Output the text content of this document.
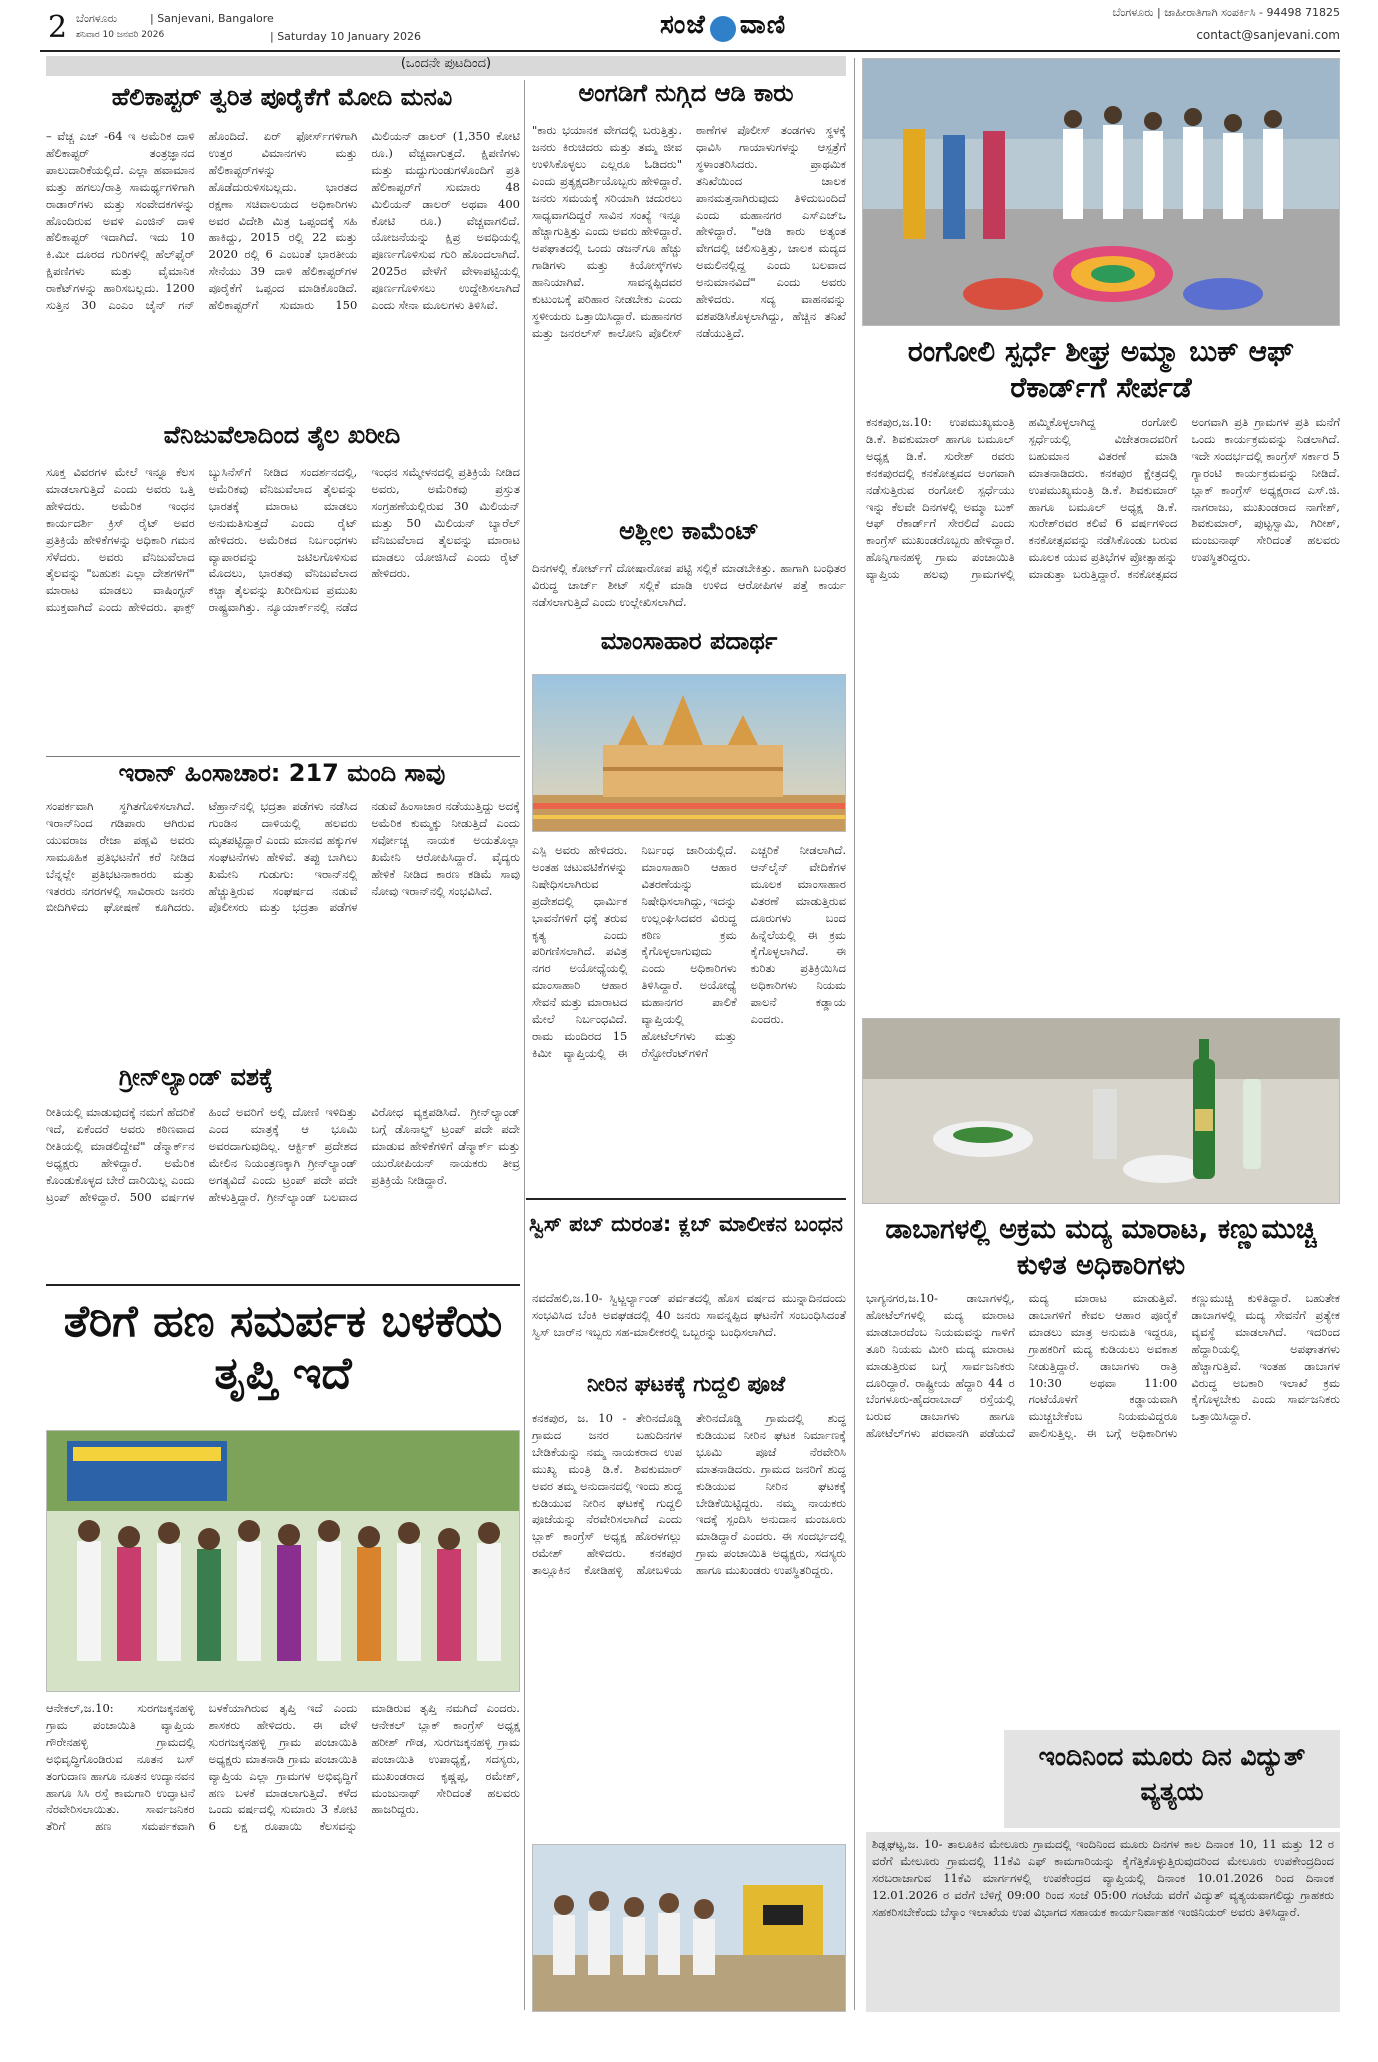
2 ಬೆಂಗಳೂರು	| Sanjevani, Bangalore
ಶನಿವಾರ 10 ಜನವರಿ 2026	| Saturday 10 January 2026	ಸಂಜೆ ವಾಣಿ	ಬೆಂಗಳೂರು | ಜಾಹೀರಾತಿಗಾಗಿ ಸಂಪರ್ಕಿಸಿ - 94498 71825
contact@sanjevani.com
(ಒಂದನೇ ಪುಟದಿಂದ)
ಹೆಲಿಕಾಪ್ಟರ್ ತ್ವರಿತ ಪೂರೈಕೆಗೆ ಮೋದಿ ಮನವಿ
– ವೆಚ್ಚ ಎಚ್ -64 ಇ ಅಮೆರಿಕ ದಾಳಿ ಹೆಲಿಕಾಪ್ಟರ್ ತಂತ್ರಜ್ಞಾನದ ಪಾಲುದಾರಿಕೆಯಲ್ಲಿದೆ. ಎಲ್ಲಾ ಹವಾಮಾನ ಮತ್ತು ಹಗಲು/ರಾತ್ರಿ ಸಾಮರ್ಥ್ಯಗಳಿಗಾಗಿ ರಾಡಾರ್‌ಗಳು ಮತ್ತು ಸಂವೇದಕಗಳನ್ನು ಹೊಂದಿರುವ ಅವಳಿ ಎಂಜಿನ್ ದಾಳಿ ಹೆಲಿಕಾಪ್ಟರ್ ಇದಾಗಿದೆ. ಇದು 10 ಕಿ.ಮೀ ದೂರದ ಗುರಿಗಳಲ್ಲಿ ಹೆಲ್‌ಫೈರ್ ಕ್ಷಿಪಣಿಗಳು ಮತ್ತು ವೈಮಾನಿಕ ರಾಕೆಟ್‌ಗಳನ್ನು ಹಾರಿಸಬಲ್ಲದು. 1200 ಸುತ್ತಿನ 30 ಎಂಎಂ ಚೈನ್ ಗನ್ ಹೊಂದಿದೆ. ಏರ್ ಫೋರ್ಸ್‌ಗಳಿಗಾಗಿ ಉತ್ತರ ವಿಮಾನಗಳು ಮತ್ತು ಹೆಲಿಕಾಪ್ಟರ್‌ಗಳನ್ನು ಹೊಡೆದುರುಳಿಸಬಲ್ಲದು. ಭಾರತದ ರಕ್ಷಣಾ ಸಚಿವಾಲಯದ ಅಧಿಕಾರಿಗಳು ಅವರ ವಿದೇಶಿ ಮಿತ್ರ ಒಪ್ಪಂದಕ್ಕೆ ಸಹಿ ಹಾಕಿದ್ದು, 2015 ರಲ್ಲಿ 22 ಮತ್ತು 2020 ರಲ್ಲಿ 6 ಎಂಬಂತೆ ಭಾರತೀಯ ಸೇನೆಯು 39 ದಾಳಿ ಹೆಲಿಕಾಪ್ಟರ್‌ಗಳ ಪೂರೈಕೆಗೆ ಒಪ್ಪಂದ ಮಾಡಿಕೊಂಡಿದೆ. ಹೆಲಿಕಾಪ್ಟರ್‌ಗೆ ಸುಮಾರು 150 ಮಿಲಿಯನ್ ಡಾಲರ್ (1,350 ಕೋಟಿ ರೂ.) ವೆಚ್ಚವಾಗುತ್ತದೆ. ಕ್ಷಿಪಣಿಗಳು ಮತ್ತು ಮದ್ದುಗುಂಡುಗಳೊಂದಿಗೆ ಪ್ರತಿ ಹೆಲಿಕಾಪ್ಟರ್‌ಗೆ ಸುಮಾರು 48 ಮಿಲಿಯನ್ ಡಾಲರ್ ಅಥವಾ 400 ಕೋಟಿ ರೂ.) ವೆಚ್ಚವಾಗಲಿದೆ. ಯೋಜನೆಯನ್ನು ಕ್ಷಿಪ್ರ ಅವಧಿಯಲ್ಲಿ ಪೂರ್ಣಗೊಳಿಸುವ ಗುರಿ ಹೊಂದಲಾಗಿದೆ. 2025ರ ವೇಳೆಗೆ ವೇಳಾಪಟ್ಟಿಯಲ್ಲಿ ಪೂರ್ಣಗೊಳಿಸಲು ಉದ್ದೇಶಿಸಲಾಗಿದೆ ಎಂದು ಸೇನಾ ಮೂಲಗಳು ತಿಳಿಸಿವೆ.
ವೆನಿಜುವೆಲಾದಿಂದ ತೈಲ ಖರೀದಿ
ಸೂಕ್ತ ವಿವರಗಳ ಮೇಲೆ ಇನ್ನೂ ಕೆಲಸ ಮಾಡಲಾಗುತ್ತಿದೆ ಎಂದು ಅವರು ಒತ್ತಿ ಹೇಳಿದರು. ಅಮೆರಿಕ ಇಂಧನ ಕಾರ್ಯದರ್ಶಿ ಕ್ರಿಸ್ ರೈಟ್ ಅವರ ಪ್ರತಿಕ್ರಿಯೆ ಹೇಳಿಕೆಗಳನ್ನು ಅಧಿಕಾರಿ ಗಮನ ಸೆಳೆದರು. ಅವರು ವೆನಿಜುವೆಲಾದ ತೈಲವನ್ನು "ಬಹುಶಃ ಎಲ್ಲಾ ದೇಶಗಳಿಗೆ" ಮಾರಾಟ ಮಾಡಲು ವಾಷಿಂಗ್ಟನ್ ಮುಕ್ತವಾಗಿದೆ ಎಂದು ಹೇಳಿದರು. ಫಾಕ್ಸ್ ಬ್ಯುಸಿನೆಸ್‌ಗೆ ನೀಡಿದ ಸಂದರ್ಶನದಲ್ಲಿ, ಅಮೆರಿಕವು ವೆನಿಜುವೆಲಾದ ತೈಲವನ್ನು ಭಾರತಕ್ಕೆ ಮಾರಾಟ ಮಾಡಲು ಅನುಮತಿಸುತ್ತದೆ ಎಂದು ರೈಟ್ ಹೇಳಿದರು. ಅಮೆರಿಕದ ನಿರ್ಬಂಧಗಳು ವ್ಯಾಪಾರವನ್ನು ಜಟಿಲಗೊಳಿಸುವ ಮೊದಲು, ಭಾರತವು ವೆನಿಜುವೆಲಾದ ಕಚ್ಚಾ ತೈಲವನ್ನು ಖರೀದಿಸುವ ಪ್ರಮುಖ ರಾಷ್ಟ್ರವಾಗಿತ್ತು. ನ್ಯೂಯಾರ್ಕ್‌ನಲ್ಲಿ ನಡೆದ ಇಂಧನ ಸಮ್ಮೇಳನದಲ್ಲಿ ಪ್ರತಿಕ್ರಿಯೆ ನೀಡಿದ ಅವರು, ಅಮೆರಿಕವು ಪ್ರಸ್ತುತ ಸಂಗ್ರಹಣೆಯಲ್ಲಿರುವ 30 ಮಿಲಿಯನ್ ಮತ್ತು 50 ಮಿಲಿಯನ್ ಬ್ಯಾರೆಲ್ ವೆನಿಜುವೆಲಾದ ತೈಲವನ್ನು ಮಾರಾಟ ಮಾಡಲು ಯೋಜಿಸಿದೆ ಎಂದು ರೈಟ್ ಹೇಳಿದರು.
ಇರಾನ್ ಹಿಂಸಾಚಾರ: 217 ಮಂದಿ ಸಾವು
ಸಂಪರ್ಕವಾಗಿ ಸ್ಥಗಿತಗೊಳಿಸಲಾಗಿದೆ. ಇರಾನ್‌ನಿಂದ ಗಡಿಪಾರು ಆಗಿರುವ ಯುವರಾಜ ರೇಜಾ ಪಹ್ಲವಿ ಅವರು ಸಾಮೂಹಿಕ ಪ್ರತಿಭಟನೆಗೆ ಕರೆ ನೀಡಿದ ಬೆನ್ನಲ್ಲೇ ಪ್ರತಿಭಟನಾಕಾರರು ಮತ್ತು ಇತರರು ನಗರಗಳಲ್ಲಿ ಸಾವಿರಾರು ಜನರು ಬೀದಿಗಿಳಿದು ಘೋಷಣೆ ಕೂಗಿದರು. ಟೆಹ್ರಾನ್‌ನಲ್ಲಿ ಭದ್ರತಾ ಪಡೆಗಳು ನಡೆಸಿದ ಗುಂಡಿನ ದಾಳಿಯಲ್ಲಿ ಹಲವರು ಮೃತಪಟ್ಟಿದ್ದಾರೆ ಎಂದು ಮಾನವ ಹಕ್ಕುಗಳ ಸಂಘಟನೆಗಳು ಹೇಳಿವೆ. ತಪ್ಪು ಬಾಗಿಲು ಖಮೇನಿ ಗುಡುಗು: ಇರಾನ್‌ನಲ್ಲಿ ಹೆಚ್ಚುತ್ತಿರುವ ಸಂಘರ್ಷದ ನಡುವೆ ಪೊಲೀಸರು ಮತ್ತು ಭದ್ರತಾ ಪಡೆಗಳ ನಡುವೆ ಹಿಂಸಾಚಾರ ನಡೆಯುತ್ತಿದ್ದು ಅದಕ್ಕೆ ಅಮೆರಿಕ ಕುಮ್ಮಕ್ಕು ನೀಡುತ್ತಿದೆ ಎಂದು ಸರ್ವೋಚ್ಚ ನಾಯಕ ಅಯತೊಲ್ಲಾ ಖಮೇನಿ ಆರೋಪಿಸಿದ್ದಾರೆ. ವೈದ್ಯರು ಹೇಳಿಕೆ ನೀಡಿದ ಕಾರಣ ಕಡಿಮೆ ಸಾವು ನೋವು ಇರಾನ್‌ನಲ್ಲಿ ಸಂಭವಿಸಿದೆ.
ಗ್ರೀನ್‌ಲ್ಯಾಂಡ್ ವಶಕ್ಕೆ
ರೀತಿಯಲ್ಲಿ ಮಾಡುವುದಕ್ಕೆ ನಮಗೆ ಹೆದರಿಕೆ ಇದೆ, ಏಕೆಂದರೆ ಅವರು ಕಠಿಣವಾದ ರೀತಿಯಲ್ಲಿ ಮಾಡಲಿದ್ದೇವೆ" ಡೆನ್ಮಾರ್ಕ್‌ನ ಅಧ್ಯಕ್ಷರು ಹೇಳಿದ್ದಾರೆ. ಅಮೆರಿಕ ಕೊಂಡುಕೊಳ್ಳದ ಬೇರೆ ದಾರಿಯಿಲ್ಲ ಎಂದು ಟ್ರಂಪ್ ಹೇಳಿದ್ದಾರೆ. 500 ವರ್ಷಗಳ ಹಿಂದೆ ಅವರಿಗೆ ಅಲ್ಲಿ ದೋಣಿ ಇಳಿದಿತ್ತು ಎಂದ ಮಾತ್ರಕ್ಕೆ ಆ ಭೂಮಿ ಅವರದಾಗುವುದಿಲ್ಲ. ಆರ್ಕ್ಟಿಕ್ ಪ್ರದೇಶದ ಮೇಲಿನ ನಿಯಂತ್ರಣಕ್ಕಾಗಿ ಗ್ರೀನ್‌ಲ್ಯಾಂಡ್ ಅಗತ್ಯವಿದೆ ಎಂದು ಟ್ರಂಪ್ ಪದೇ ಪದೇ ಹೇಳುತ್ತಿದ್ದಾರೆ. ಗ್ರೀನ್‌ಲ್ಯಾಂಡ್ ಬಲವಾದ ವಿರೋಧ ವ್ಯಕ್ತಪಡಿಸಿದೆ. ಗ್ರೀನ್‌ಲ್ಯಾಂಡ್ ಬಗ್ಗೆ ಡೊನಾಲ್ಡ್ ಟ್ರಂಪ್ ಪದೇ ಪದೇ ಮಾಡುವ ಹೇಳಿಕೆಗಳಿಗೆ ಡೆನ್ಮಾರ್ಕ್ ಮತ್ತು ಯುರೋಪಿಯನ್ ನಾಯಕರು ತೀವ್ರ ಪ್ರತಿಕ್ರಿಯೆ ನೀಡಿದ್ದಾರೆ.
ಅಂಗಡಿಗೆ ನುಗ್ಗಿದ ಆಡಿ ಕಾರು
"ಕಾರು ಭಯಾನಕ ವೇಗದಲ್ಲಿ ಬರುತ್ತಿತ್ತು. ಜನರು ಕಿರುಚಿದರು ಮತ್ತು ತಮ್ಮ ಜೀವ ಉಳಿಸಿಕೊಳ್ಳಲು ಎಲ್ಲರೂ ಓಡಿದರು" ಎಂದು ಪ್ರತ್ಯಕ್ಷದರ್ಶಿಯೊಬ್ಬರು ಹೇಳಿದ್ದಾರೆ. ಜನರು ಸಮಯಕ್ಕೆ ಸರಿಯಾಗಿ ಚದುರಲು ಸಾಧ್ಯವಾಗದಿದ್ದರೆ ಸಾವಿನ ಸಂಖ್ಯೆ ಇನ್ನೂ ಹೆಚ್ಚಾಗುತ್ತಿತ್ತು ಎಂದು ಅವರು ಹೇಳಿದ್ದಾರೆ. ಅಪಘಾತದಲ್ಲಿ ಒಂದು ಡಜನ್‌ಗೂ ಹೆಚ್ಚು ಗಾಡಿಗಳು ಮತ್ತು ಕಿಯೋಸ್ಕ್‌ಗಳು ಹಾನಿಯಾಗಿವೆ. ಸಾವನ್ನಪ್ಪಿದವರ ಕುಟುಂಬಕ್ಕೆ ಪರಿಹಾರ ನೀಡಬೇಕು ಎಂದು ಸ್ಥಳೀಯರು ಒತ್ತಾಯಿಸಿದ್ದಾರೆ. ಮಹಾನಗರ ಮತ್ತು ಜನರಲ್‌ಸ್ ಕಾಲೋನಿ ಪೊಲೀಸ್ ಠಾಣೆಗಳ ಪೊಲೀಸ್ ತಂಡಗಳು ಸ್ಥಳಕ್ಕೆ ಧಾವಿಸಿ ಗಾಯಾಳುಗಳನ್ನು ಆಸ್ಪತ್ರೆಗೆ ಸ್ಥಳಾಂತರಿಸಿದರು. ಪ್ರಾಥಮಿಕ ತನಿಖೆಯಿಂದ ಚಾಲಕ ಪಾನಮತ್ತನಾಗಿರುವುದು ತಿಳಿದುಬಂದಿದೆ ಎಂದು ಮಹಾನಗರ ಎಸ್‌ಎಚ್‌ಒ ಹೇಳಿದ್ದಾರೆ. "ಆಡಿ ಕಾರು ಅತ್ಯಂತ ವೇಗದಲ್ಲಿ ಚಲಿಸುತ್ತಿತ್ತು, ಚಾಲಕ ಮದ್ಯದ ಅಮಲಿನಲ್ಲಿದ್ದ ಎಂದು ಬಲವಾದ ಅನುಮಾನವಿದೆ" ಎಂದು ಅವರು ಹೇಳಿದರು. ಸದ್ಯ ವಾಹನವನ್ನು ವಶಪಡಿಸಿಕೊಳ್ಳಲಾಗಿದ್ದು, ಹೆಚ್ಚಿನ ತನಿಖೆ ನಡೆಯುತ್ತಿದೆ.
ಅಶ್ಲೀಲ ಕಾಮೆಂಟ್
ದಿನಗಳಲ್ಲಿ ಕೋರ್ಟ್‌ಗೆ ದೋಷಾರೋಪ ಪಟ್ಟಿ ಸಲ್ಲಿಕೆ ಮಾಡಬೇಕಿತ್ತು. ಹಾಗಾಗಿ ಬಂಧಿತರ ವಿರುದ್ಧ ಚಾರ್ಜ್ ಶೀಟ್ ಸಲ್ಲಿಕೆ ಮಾಡಿ ಉಳಿದ ಆರೋಪಿಗಳ ಪತ್ತೆ ಕಾರ್ಯ ನಡೆಸಲಾಗುತ್ತಿದೆ ಎಂದು ಉಲ್ಲೇಖಿಸಲಾಗಿದೆ.
ಮಾಂಸಾಹಾರ ಪದಾರ್ಥ
ಎಸ್ಪಿ ಅವರು ಹೇಳಿದರು. ಅಂತಹ ಚಟುವಟಿಕೆಗಳನ್ನು ನಿಷೇಧಿಸಲಾಗಿರುವ ಪ್ರದೇಶದಲ್ಲಿ ಧಾರ್ಮಿಕ ಭಾವನೆಗಳಿಗೆ ಧಕ್ಕೆ ತರುವ ಕೃತ್ಯ ಎಂದು ಪರಿಗಣಿಸಲಾಗಿದೆ. ಪವಿತ್ರ ನಗರ ಅಯೋಧ್ಯೆಯಲ್ಲಿ ಮಾಂಸಾಹಾರಿ ಆಹಾರ ಸೇವನೆ ಮತ್ತು ಮಾರಾಟದ ಮೇಲೆ ನಿರ್ಬಂಧವಿದೆ. ರಾಮ ಮಂದಿರದ 15 ಕಿಮೀ ವ್ಯಾಪ್ತಿಯಲ್ಲಿ ಈ ನಿರ್ಬಂಧ ಜಾರಿಯಲ್ಲಿದೆ. ಮಾಂಸಾಹಾರಿ ಆಹಾರ ವಿತರಣೆಯನ್ನು ನಿಷೇಧಿಸಲಾಗಿದ್ದು, ಇದನ್ನು ಉಲ್ಲಂಘಿಸಿದವರ ವಿರುದ್ಧ ಕಠಿಣ ಕ್ರಮ ಕೈಗೊಳ್ಳಲಾಗುವುದು ಎಂದು ಅಧಿಕಾರಿಗಳು ತಿಳಿಸಿದ್ದಾರೆ. ಅಯೋಧ್ಯೆ ಮಹಾನಗರ ಪಾಲಿಕೆ ವ್ಯಾಪ್ತಿಯಲ್ಲಿ ಹೋಟೆಲ್‌ಗಳು ಮತ್ತು ರೆಸ್ಟೋರೆಂಟ್‌ಗಳಿಗೆ ಎಚ್ಚರಿಕೆ ನೀಡಲಾಗಿದೆ. ಆನ್‌ಲೈನ್ ವೇದಿಕೆಗಳ ಮೂಲಕ ಮಾಂಸಾಹಾರ ವಿತರಣೆ ಮಾಡುತ್ತಿರುವ ದೂರುಗಳು ಬಂದ ಹಿನ್ನೆಲೆಯಲ್ಲಿ ಈ ಕ್ರಮ ಕೈಗೊಳ್ಳಲಾಗಿದೆ. ಈ ಕುರಿತು ಪ್ರತಿಕ್ರಿಯಿಸಿದ ಅಧಿಕಾರಿಗಳು ನಿಯಮ ಪಾಲನೆ ಕಡ್ಡಾಯ ಎಂದರು.
ಸ್ವಿಸ್ ಪಬ್ ದುರಂತ: ಕ್ಲಬ್ ಮಾಲೀಕನ ಬಂಧನ
ನವದೆಹಲಿ,ಜ.10- ಸ್ವಿಟ್ಜರ್ಲ್ಯಾಂಡ್ ಪರ್ವತದಲ್ಲಿ ಹೊಸ ವರ್ಷದ ಮುನ್ನಾದಿನದಂದು ಸಂಭವಿಸಿದ ಬೆಂಕಿ ಅವಘಡದಲ್ಲಿ 40 ಜನರು ಸಾವನ್ನಪ್ಪಿದ ಘಟನೆಗೆ ಸಂಬಂಧಿಸಿದಂತೆ ಸ್ವಿಸ್ ಬಾರ್‌ನ ಇಬ್ಬರು ಸಹ-ಮಾಲೀಕರಲ್ಲಿ ಒಬ್ಬರನ್ನು ಬಂಧಿಸಲಾಗಿದೆ.
ನೀರಿನ ಘಟಕಕ್ಕೆ ಗುದ್ದಲಿ ಪೂಜೆ
ಕನಕಪುರ, ಜ. 10 - ತೇರಿನದೊಡ್ಡಿ ಗ್ರಾಮದ ಜನರ ಬಹುದಿನಗಳ ಬೇಡಿಕೆಯನ್ನು ನಮ್ಮ ನಾಯಕರಾದ ಉಪ ಮುಖ್ಯ ಮಂತ್ರಿ ಡಿ.ಕೆ. ಶಿವಕುಮಾರ್ ಅವರ ತಮ್ಮ ಅನುದಾನದಲ್ಲಿ ಇಂದು ಶುದ್ಧ ಕುಡಿಯುವ ನೀರಿನ ಘಟಕಕ್ಕೆ ಗುದ್ದಲಿ ಪೂಜೆಯನ್ನು ನೆರವೇರಿಸಲಾಗಿದೆ ಎಂದು ಬ್ಲಾಕ್ ಕಾಂಗ್ರೆಸ್ ಅಧ್ಯಕ್ಷ ಹೊರಳಗಲ್ಲು ರಮೇಶ್ ಹೇಳಿದರು. ಕನಕಪುರ ತಾಲ್ಲೂಕಿನ ಕೋಡಿಹಳ್ಳಿ ಹೋಬಳಿಯ ತೇರಿನದೊಡ್ಡಿ ಗ್ರಾಮದಲ್ಲಿ ಶುದ್ಧ ಕುಡಿಯುವ ನೀರಿನ ಘಟಕ ನಿರ್ಮಾಣಕ್ಕೆ ಭೂಮಿ ಪೂಜೆ ನೆರವೇರಿಸಿ ಮಾತನಾಡಿದರು. ಗ್ರಾಮದ ಜನರಿಗೆ ಶುದ್ಧ ಕುಡಿಯುವ ನೀರಿನ ಘಟಕಕ್ಕೆ ಬೇಡಿಕೆಯಿಟ್ಟಿದ್ದರು. ನಮ್ಮ ನಾಯಕರು ಇದಕ್ಕೆ ಸ್ಪಂದಿಸಿ ಅನುದಾನ ಮಂಜೂರು ಮಾಡಿದ್ದಾರೆ ಎಂದರು. ಈ ಸಂದರ್ಭದಲ್ಲಿ ಗ್ರಾಮ ಪಂಚಾಯಿತಿ ಅಧ್ಯಕ್ಷರು, ಸದಸ್ಯರು ಹಾಗೂ ಮುಖಂಡರು ಉಪಸ್ಥಿತರಿದ್ದರು.
ರಂಗೋಲಿ ಸ್ಪರ್ಧೆ ಶೀಘ್ರ ಅಮ್ಮಾ ಬುಕ್ ಆಫ್ ರೆಕಾರ್ಡ್‌ಗೆ ಸೇರ್ಪಡೆ
ಕನಕಪುರ,ಜ.10: ಉಪಮುಖ್ಯಮಂತ್ರಿ ಡಿ.ಕೆ. ಶಿವಕುಮಾರ್ ಹಾಗೂ ಬಮೂಲ್ ಅಧ್ಯಕ್ಷ ಡಿ.ಕೆ. ಸುರೇಶ್ ರವರು ಕನಕಪುರದಲ್ಲಿ ಕನಕೋತ್ಸವದ ಅಂಗವಾಗಿ ನಡೆಸುತ್ತಿರುವ ರಂಗೋಲಿ ಸ್ಪರ್ಧೆಯು ಇನ್ನು ಕೆಲವೇ ದಿನಗಳಲ್ಲಿ ಅಮ್ಮಾ ಬುಕ್ ಆಫ್ ರೆಕಾರ್ಡ್‌ಗೆ ಸೇರಲಿದೆ ಎಂದು ಕಾಂಗ್ರೆಸ್ ಮುಖಂಡರೊಬ್ಬರು ಹೇಳಿದ್ದಾರೆ. ಹೊನ್ನಿಗಾನಹಳ್ಳಿ ಗ್ರಾಮ ಪಂಚಾಯಿತಿ ವ್ಯಾಪ್ತಿಯ ಹಲವು ಗ್ರಾಮಗಳಲ್ಲಿ ಹಮ್ಮಿಕೊಳ್ಳಲಾಗಿದ್ದ ರಂಗೋಲಿ ಸ್ಪರ್ಧೆಯಲ್ಲಿ ವಿಜೇತರಾದವರಿಗೆ ಬಹುಮಾನ ವಿತರಣೆ ಮಾಡಿ ಮಾತನಾಡಿದರು. ಕನಕಪುರ ಕ್ಷೇತ್ರದಲ್ಲಿ ಉಪಮುಖ್ಯಮಂತ್ರಿ ಡಿ.ಕೆ. ಶಿವಕುಮಾರ್ ಹಾಗೂ ಬಮೂಲ್ ಅಧ್ಯಕ್ಷ ಡಿ.ಕೆ. ಸುರೇಶ್‌ರವರ ಕಲಿವೆ 6 ವರ್ಷಗಳಿಂದ ಕನಕೋತ್ಸವವನ್ನು ನಡೆಸಿಕೊಂಡು ಬರುವ ಮೂಲಕ ಯುವ ಪ್ರತಿಭೆಗಳ ಪ್ರೋತ್ಸಾಹನ್ನು ಮಾಡುತ್ತಾ ಬರುತ್ತಿದ್ದಾರೆ. ಕನಕೋತ್ಸವದ ಅಂಗವಾಗಿ ಪ್ರತಿ ಗ್ರಾಮಗಳ ಪ್ರತಿ ಮನೆಗೆ ಒಂದು ಕಾರ್ಯಕ್ರಮವನ್ನು ನಿಡಲಾಗಿದೆ. ಇದೇ ಸಂದರ್ಭದಲ್ಲಿ ಕಾಂಗ್ರೆಸ್ ಸರ್ಕಾರ 5 ಗ್ಯಾರಂಟಿ ಕಾರ್ಯಕ್ರಮವನ್ನು ನೀಡಿದೆ. ಬ್ಲಾಕ್ ಕಾಂಗ್ರೆಸ್ ಅಧ್ಯಕ್ಷರಾದ ಎಸ್.ಜಿ. ನಾಗರಾಜು, ಮುಖಂಡರಾದ ನಾಗೇಶ್, ಶಿವಕುಮಾರ್, ಪುಟ್ಟಸ್ವಾಮಿ, ಗಿರೀಶ್, ಮಂಜುನಾಥ್ ಸೇರಿದಂತೆ ಹಲವರು ಉಪಸ್ಥಿತರಿದ್ದರು.
ಡಾಬಾಗಳಲ್ಲಿ ಅಕ್ರಮ ಮದ್ಯ ಮಾರಾಟ, ಕಣ್ಣುಮುಚ್ಚಿ ಕುಳಿತ ಅಧಿಕಾರಿಗಳು
ಭಾಗ್ಯನಗರ,ಜ.10- ಡಾಬಾಗಳಲ್ಲಿ, ಹೋಟೆಲ್‌ಗಳಲ್ಲಿ ಮದ್ಯ ಮಾರಾಟ ಮಾಡಬಾರದೆಂಬ ನಿಯಮವನ್ನು ಗಾಳಿಗೆ ತೂರಿ ನಿಯಮ ಮೀರಿ ಮದ್ಯ ಮಾರಾಟ ಮಾಡುತ್ತಿರುವ ಬಗ್ಗೆ ಸಾರ್ವಜನಿಕರು ದೂರಿದ್ದಾರೆ. ರಾಷ್ಟ್ರೀಯ ಹೆದ್ದಾರಿ 44 ರ ಬೆಂಗಳೂರು-ಹೈದರಾಬಾದ್ ರಸ್ತೆಯಲ್ಲಿ ಬರುವ ಡಾಬಾಗಳು ಹಾಗೂ ಹೋಟೆಲ್‌ಗಳು ಪರವಾನಗಿ ಪಡೆಯದೆ ಮದ್ಯ ಮಾರಾಟ ಮಾಡುತ್ತಿವೆ. ಡಾಬಾಗಳಿಗೆ ಕೇವಲ ಆಹಾರ ಪೂರೈಕೆ ಮಾಡಲು ಮಾತ್ರ ಅನುಮತಿ ಇದ್ದರೂ, ಗ್ರಾಹಕರಿಗೆ ಮದ್ಯ ಕುಡಿಯಲು ಅವಕಾಶ ನೀಡುತ್ತಿದ್ದಾರೆ. ಡಾಬಾಗಳು ರಾತ್ರಿ 10:30 ಅಥವಾ 11:00 ಗಂಟೆಯೊಳಗೆ ಕಡ್ಡಾಯವಾಗಿ ಮುಚ್ಚಬೇಕೆಂಬ ನಿಯಮವಿದ್ದರೂ ಪಾಲಿಸುತ್ತಿಲ್ಲ. ಈ ಬಗ್ಗೆ ಅಧಿಕಾರಿಗಳು ಕಣ್ಣುಮುಚ್ಚಿ ಕುಳಿತಿದ್ದಾರೆ. ಬಹುತೇಕ ಡಾಬಾಗಳಲ್ಲಿ ಮದ್ಯ ಸೇವನೆಗೆ ಪ್ರತ್ಯೇಕ ವ್ಯವಸ್ಥೆ ಮಾಡಲಾಗಿದೆ. ಇದರಿಂದ ಹೆದ್ದಾರಿಯಲ್ಲಿ ಅಪಘಾತಗಳು ಹೆಚ್ಚಾಗುತ್ತಿವೆ. ಇಂತಹ ಡಾಬಾಗಳ ವಿರುದ್ಧ ಅಬಕಾರಿ ಇಲಾಖೆ ಕ್ರಮ ಕೈಗೊಳ್ಳಬೇಕು ಎಂದು ಸಾರ್ವಜನಿಕರು ಒತ್ತಾಯಿಸಿದ್ದಾರೆ.
ಇಂದಿನಿಂದ ಮೂರು ದಿನ ವಿದ್ಯುತ್ ವ್ಯತ್ಯಯ
ಶಿಡ್ಲಘಟ್ಟ,ಜ. 10- ತಾಲೂಕಿನ ಮೇಲೂರು ಗ್ರಾಮದಲ್ಲಿ ಇಂದಿನಿಂದ ಮೂರು ದಿನಗಳ ಕಾಲ ದಿನಾಂಕ 10, 11 ಮತ್ತು 12 ರ ವರೆಗೆ ಮೇಲೂರು ಗ್ರಾಮದಲ್ಲಿ 11ಕೆವಿ ಎಫ್ ಕಾಮಗಾರಿಯನ್ನು ಕೈಗೆತ್ತಿಕೊಳ್ಳುತ್ತಿರುವುದರಿಂದ ಮೇಲೂರು ಉಪಕೇಂದ್ರದಿಂದ ಸರಬರಾಜಾಗುವ 11ಕೆವಿ ಮಾರ್ಗಗಳಲ್ಲಿ ಉಪಕೇಂದ್ರದ ವ್ಯಾಪ್ತಿಯಲ್ಲಿ ದಿನಾಂಕ 10.01.2026 ರಿಂದ ದಿನಾಂಕ 12.01.2026 ರ ವರೆಗೆ ಬೆಳಿಗ್ಗೆ 09:00 ರಿಂದ ಸಂಜೆ 05:00 ಗಂಟೆಯ ವರೆಗೆ ವಿದ್ಯುತ್ ವ್ಯತ್ಯಯವಾಗಲಿದ್ದು ಗ್ರಾಹಕರು ಸಹಕರಿಸಬೇಕೆಂದು ಬೆಸ್ಕಾಂ ಇಲಾಖೆಯ ಉಪ ವಿಭಾಗದ ಸಹಾಯಕ ಕಾರ್ಯನಿರ್ವಾಹಕ ಇಂಜಿನಿಯರ್ ಅವರು ತಿಳಿಸಿದ್ದಾರೆ.
ತೆರಿಗೆ ಹಣ ಸಮರ್ಪಕ ಬಳಕೆಯ ತೃಪ್ತಿ ಇದೆ
ಆನೇಕಲ್,ಜ.10: ಸುರಗಜಕ್ಕನಹಳ್ಳಿ ಗ್ರಾಮ ಪಂಚಾಯಿತಿ ವ್ಯಾಪ್ತಿಯ ಗೌರೇನಹಳ್ಳಿ ಗ್ರಾಮದಲ್ಲಿ ಅಭಿವೃದ್ಧಿಗೊಂಡಿರುವ ನೂತನ ಬಸ್ ತಂಗುದಾಣ ಹಾಗೂ ನೂತನ ಉದ್ಯಾನವನ ಹಾಗೂ ಸಿಸಿ ರಸ್ತೆ ಕಾಮಗಾರಿ ಉದ್ಘಾಟನೆ ನೆರವೇರಿಸಲಾಯಿತು. ಸಾರ್ವಜನಿಕರ ತೆರಿಗೆ ಹಣ ಸಮರ್ಪಕವಾಗಿ ಬಳಕೆಯಾಗಿರುವ ತೃಪ್ತಿ ಇದೆ ಎಂದು ಶಾಸಕರು ಹೇಳಿದರು. ಈ ವೇಳೆ ಸುರಗಜಕ್ಕನಹಳ್ಳಿ ಗ್ರಾಮ ಪಂಚಾಯಿತಿ ಅಧ್ಯಕ್ಷರು ಮಾತನಾಡಿ ಗ್ರಾಮ ಪಂಚಾಯಿತಿ ವ್ಯಾಪ್ತಿಯ ಎಲ್ಲಾ ಗ್ರಾಮಗಳ ಅಭಿವೃದ್ಧಿಗೆ ಹಣ ಬಳಕೆ ಮಾಡಲಾಗುತ್ತಿದೆ. ಕಳೆದ ಒಂದು ವರ್ಷದಲ್ಲಿ ಸುಮಾರು 3 ಕೋಟಿ 6 ಲಕ್ಷ ರೂಪಾಯಿ ಕೆಲಸವನ್ನು ಮಾಡಿರುವ ತೃಪ್ತಿ ನಮಗಿದೆ ಎಂದರು. ಆನೇಕಲ್ ಬ್ಲಾಕ್ ಕಾಂಗ್ರೆಸ್ ಅಧ್ಯಕ್ಷ ಹರೀಶ್ ಗೌಡ, ಸುರಗಜಕ್ಕನಹಳ್ಳಿ ಗ್ರಾಮ ಪಂಚಾಯಿತಿ ಉಪಾಧ್ಯಕ್ಷೆ, ಸದಸ್ಯರು, ಮುಖಂಡರಾದ ಕೃಷ್ಣಪ್ಪ, ರಮೇಶ್, ಮಂಜುನಾಥ್ ಸೇರಿದಂತೆ ಹಲವರು ಹಾಜರಿದ್ದರು.
